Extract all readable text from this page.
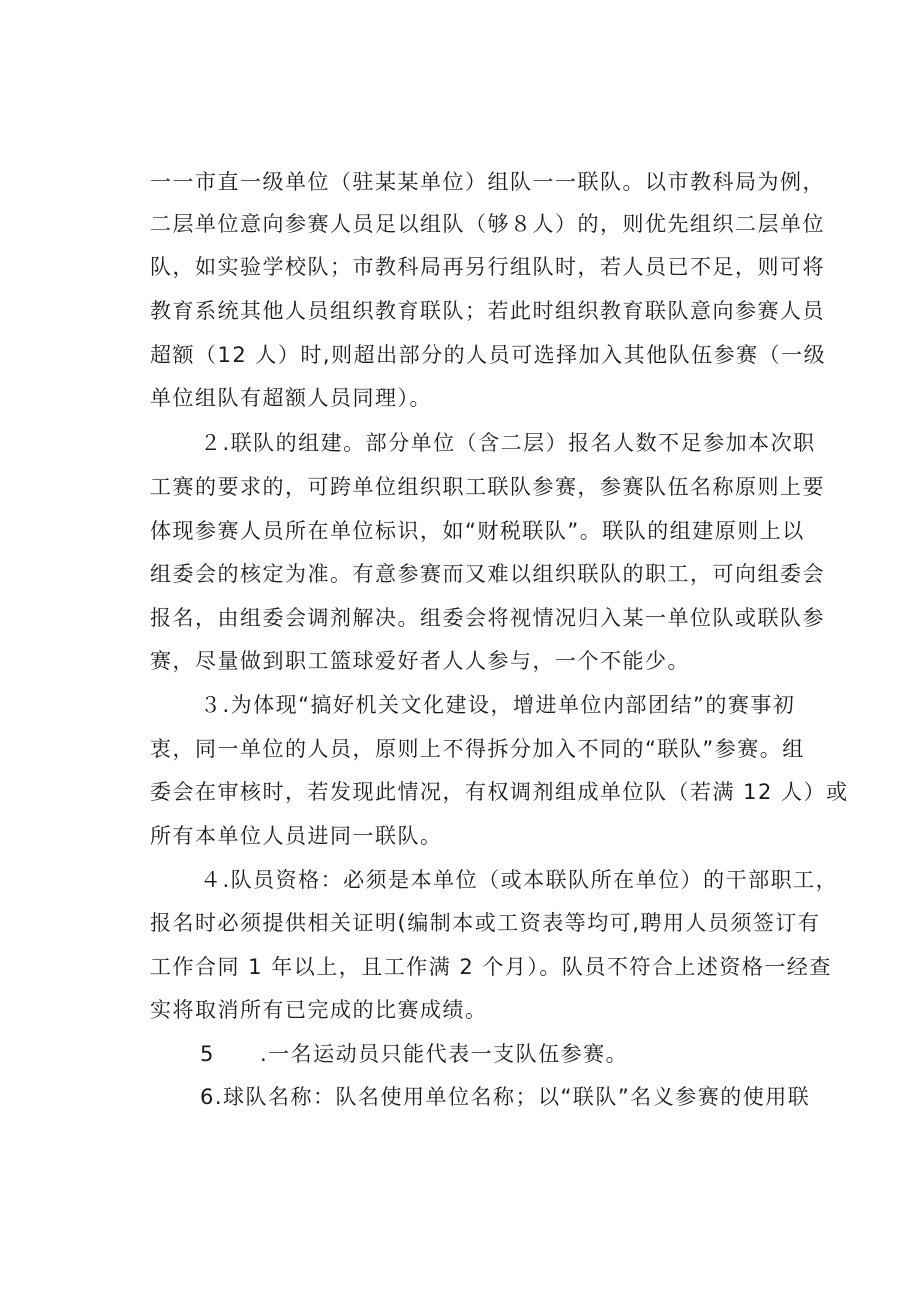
一一市直一级单位（驻某某单位）组队一一联队。以市教科局为例，
二层单位意向参赛人员足以组队（够８人）的，则优先组织二层单位
队，如实验学校队；市教科局再另行组队时，若人员已不足，则可将
教育系统其他人员组织教育联队；若此时组织教育联队意向参赛人员
超额（12 人）时,则超出部分的人员可选择加入其他队伍参赛（一级
单位组队有超额人员同理）。
２.联队的组建。部分单位（含二层）报名人数不足参加本次职
工赛的要求的，可跨单位组织职工联队参赛，参赛队伍名称原则上要
体现参赛人员所在单位标识，如“财税联队”。联队的组建原则上以
组委会的核定为准。有意参赛而又难以组织联队的职工，可向组委会
报名，由组委会调剂解决。组委会将视情况归入某一单位队或联队参
赛，尽量做到职工篮球爱好者人人参与，一个不能少。
３.为体现“搞好机关文化建设，增进单位内部团结”的赛事初
衷，同一单位的人员，原则上不得拆分加入不同的“联队”参赛。组
委会在审核时，若发现此情况，有权调剂组成单位队（若满 12 人）或
所有本单位人员进同一联队。
４.队员资格：必须是本单位（或本联队所在单位）的干部职工，
报名时必须提供相关证明(编制本或工资表等均可,聘用人员须签订有
工作合同 1 年以上，且工作满 2 个月）。队员不符合上述资格一经查
实将取消所有已完成的比赛成绩。
5 .一名运动员只能代表一支队伍参赛。
6.球队名称：队名使用单位名称；以“联队”名义参赛的使用联
